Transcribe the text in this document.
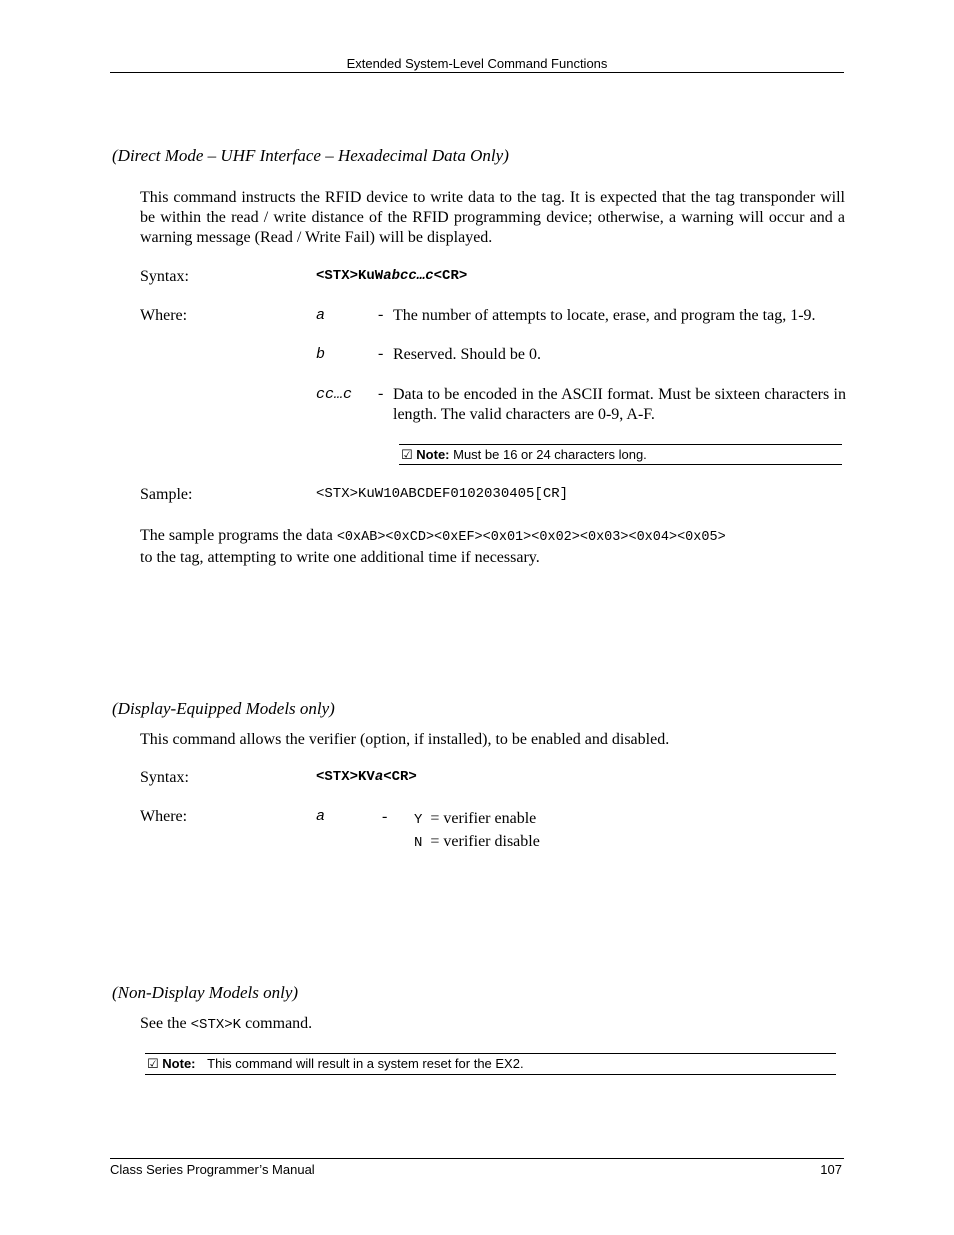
Extended System-Level Command Functions
(Direct Mode – UHF Interface – Hexadecimal Data Only)
This command instructs the RFID device to write data to the tag. It is expected that the tag transponder will be within the read / write distance of the RFID programming device; otherwise, a warning will occur and a warning message (Read / Write Fail) will be displayed.
Syntax:	<STX>KuWabcc…c<CR>
Where:	a	- The number of attempts to locate, erase, and program the tag, 1-9.
b	- Reserved. Should be 0.
cc…c - Data to be encoded in the ASCII format. Must be sixteen characters in length. The valid characters are 0-9, A-F.
☑ Note: Must be 16 or 24 characters long.
Sample:	<STX>KuW10ABCDEF0102030405[CR]
The sample programs the data <0xAB><0xCD><0xEF><0x01><0x02><0x03><0x04><0x05>
to the tag, attempting to write one additional time if necessary.
(Display-Equipped Models only)
This command allows the verifier (option, if installed), to be enabled and disabled.
Syntax:	<STX>KVa<CR>
Where:	a	- Y = verifier enable
N = verifier disable
(Non-Display Models only)
See the <STX>K command.
☑ Note: This command will result in a system reset for the EX2.
Class Series Programmer’s Manual	107
